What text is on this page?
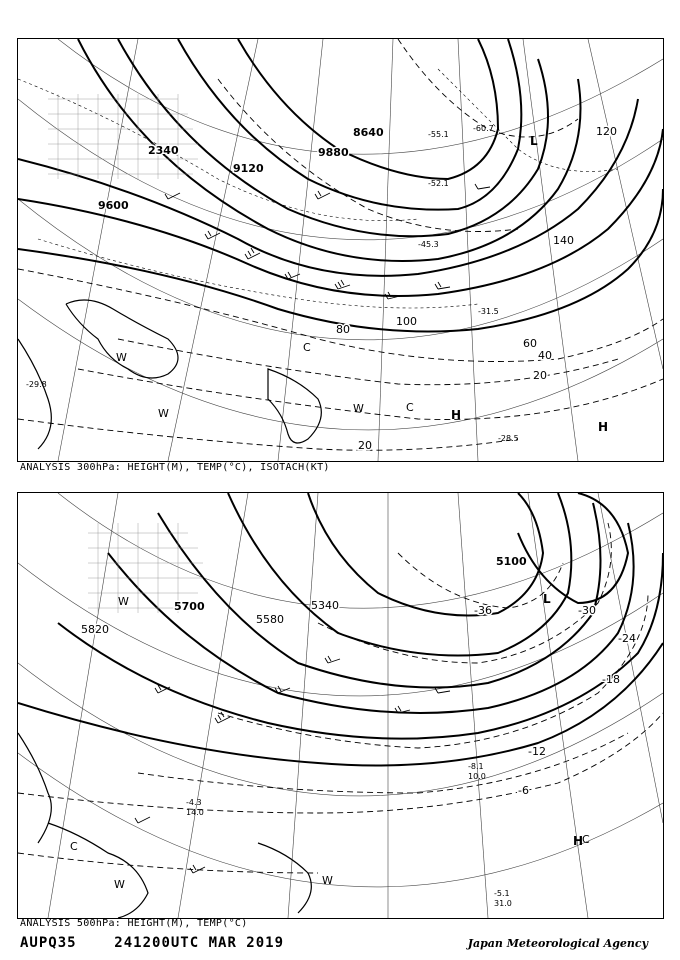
-29.8
-28.5
-31.5
-45.3
-52.1
-55.1
-60.7
9600
9120
8640
2340	9880
20
40
60
80
100
120
140
20
L
H
H
C
W
W	C
W
ANALYSIS 300hPa: HEIGHT(M), TEMP(°C), ISOTACH(KT)
5820
5700	5340
5100
5580
-30
-24
-18
-12
-6
-36
-5.1
31.0
-8.1
10.0
-4.3
14.0
L
H
C
W
W
C
W
ANALYSIS 500hPa: HEIGHT(M), TEMP(°C)
AUPQ35	241200UTC MAR 2019	Japan Meteorological Agency
